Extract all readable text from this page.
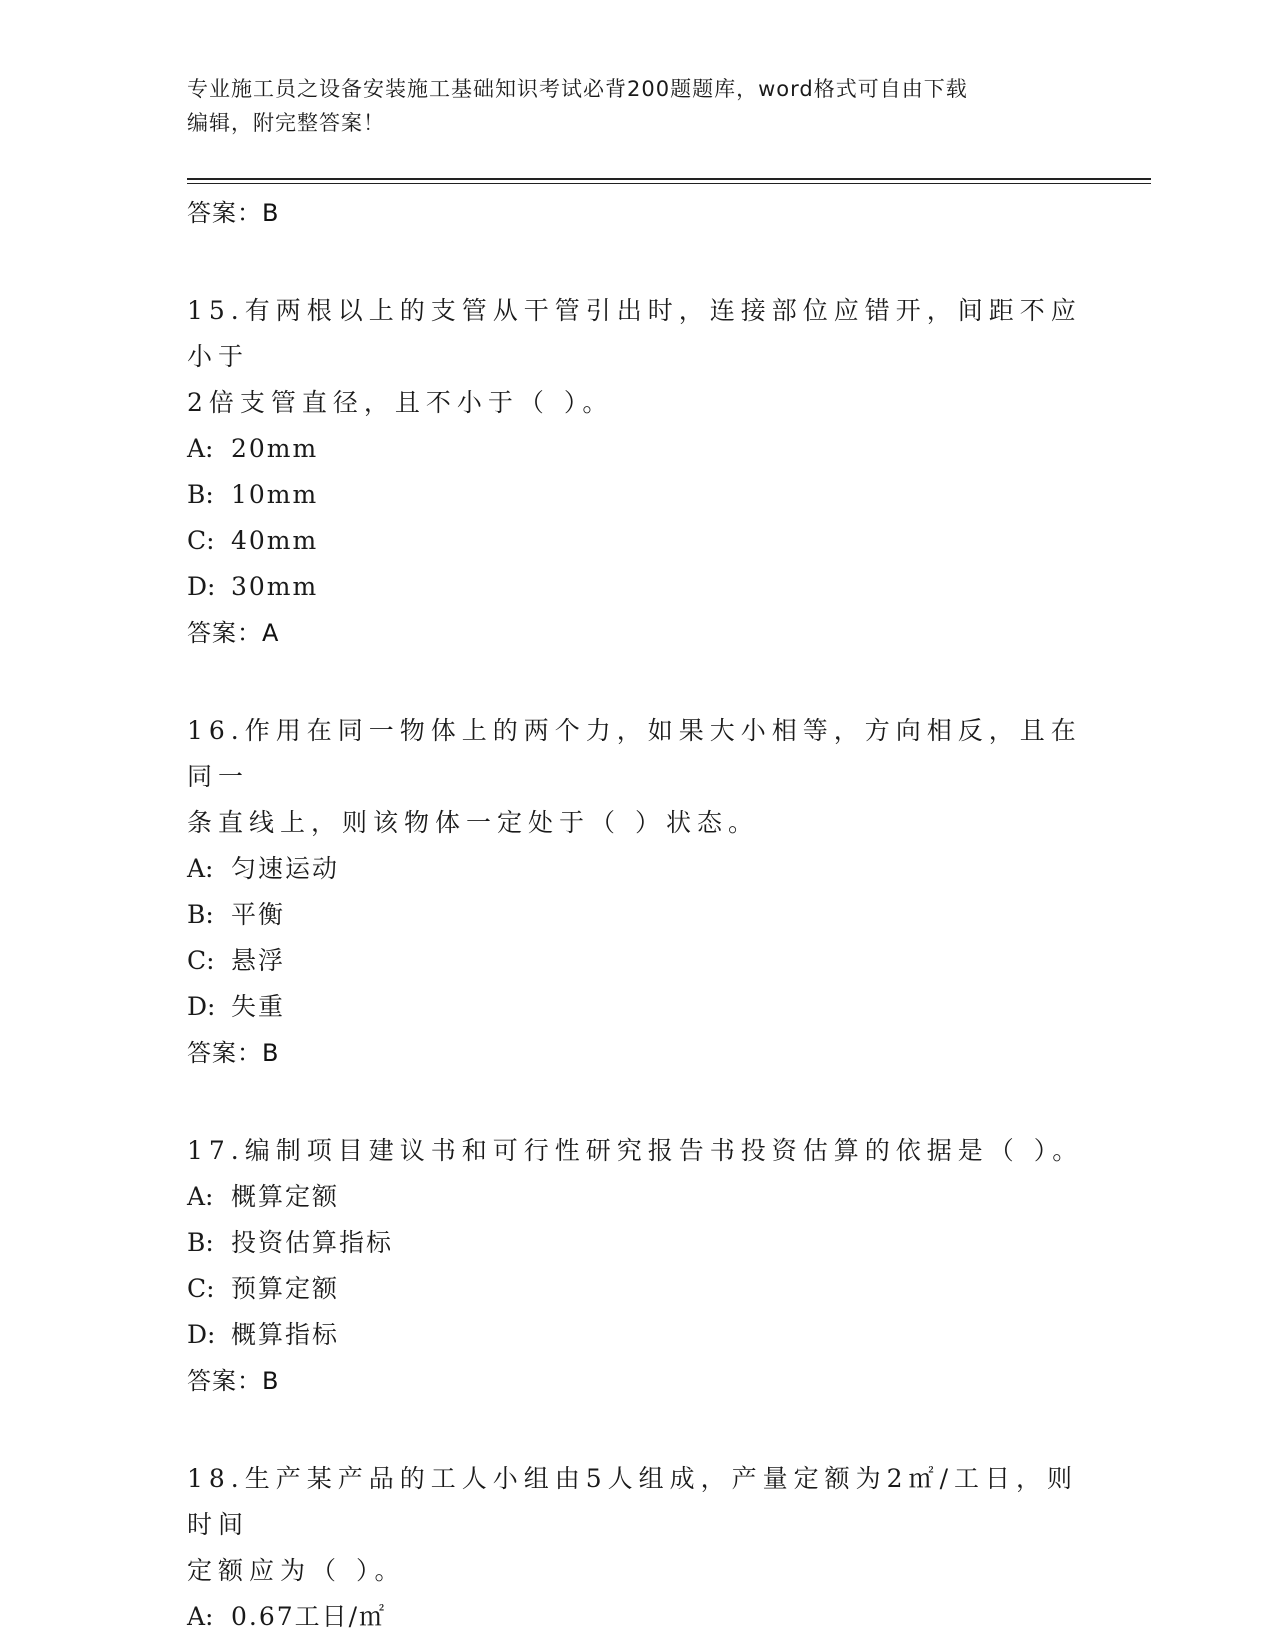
专业施工员之设备安装施工基础知识考试必背200题题库，word格式可自由下载
编辑，附完整答案！
答案：B
15.有两根以上的支管从干管引出时，连接部位应错开，间距不应小于
2倍支管直径，且不小于（ ）。
A: 20mm
B: 10mm
C: 40mm
D: 30mm
答案：A
16.作用在同一物体上的两个力，如果大小相等，方向相反，且在同一
条直线上，则该物体一定处于（ ）状态。
A: 匀速运动
B: 平衡
C: 悬浮
D: 失重
答案：B
17.编制项目建议书和可行性研究报告书投资估算的依据是（ ）。
A: 概算定额
B: 投资估算指标
C: 预算定额
D: 概算指标
答案：B
18.生产某产品的工人小组由5人组成，产量定额为2㎡/工日，则时间
定额应为（ ）。
A: 0.67工日/㎡
